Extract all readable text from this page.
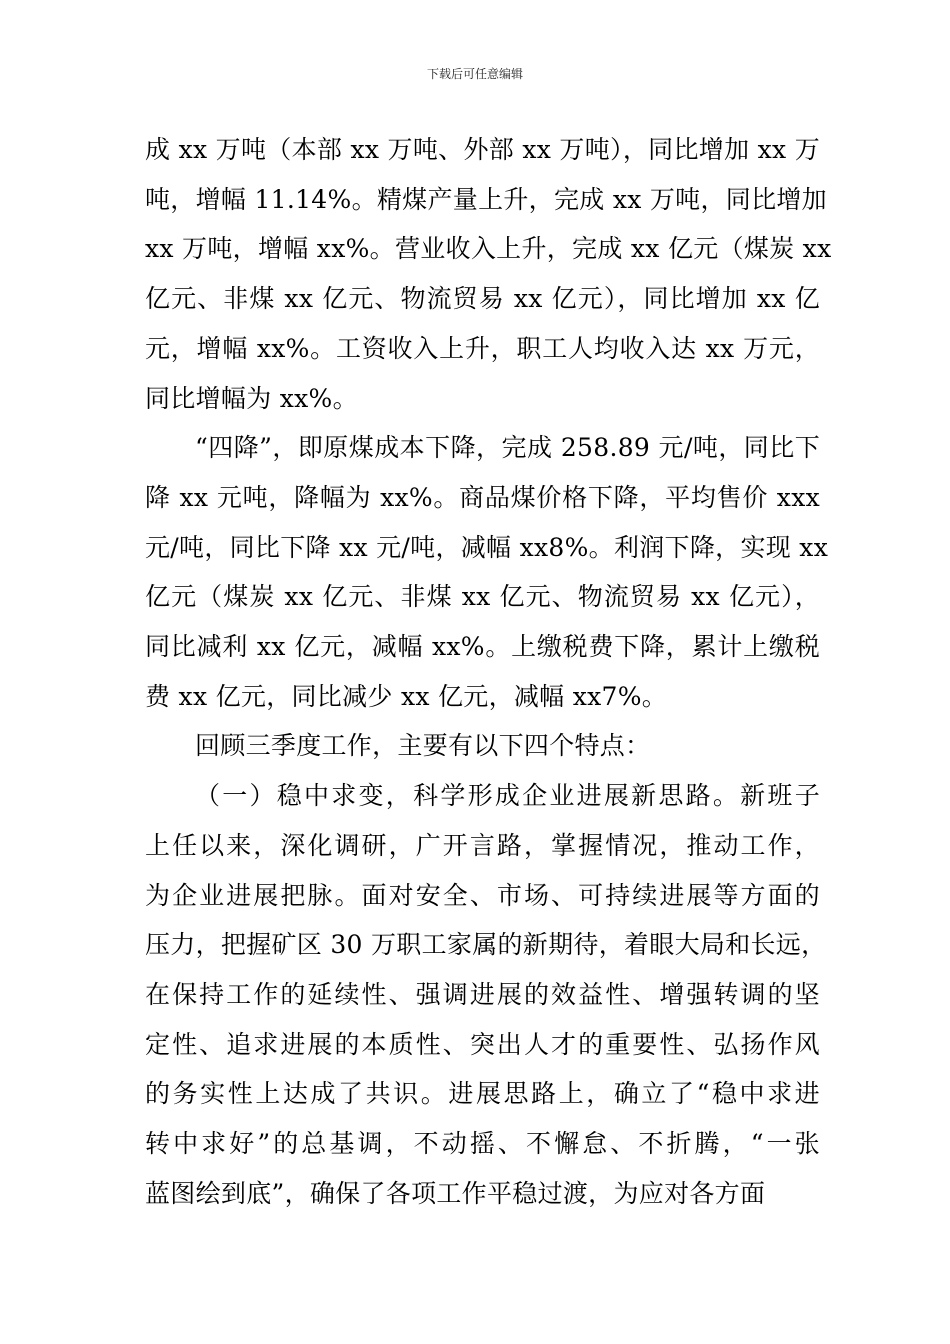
下载后可任意编辑
成 xx 万吨（本部 xx 万吨、外部 xx 万吨），同比增加 xx 万
吨，增幅 11.14%。精煤产量上升，完成 xx 万吨，同比增加
xx 万吨，增幅 xx%。营业收入上升，完成 xx 亿元（煤炭 xx
亿元、非煤 xx 亿元、物流贸易 xx 亿元），同比增加 xx 亿
元，增幅 xx%。工资收入上升，职工人均收入达 xx 万元，
同比增幅为 xx%。
“四降”，即原煤成本下降，完成 258.89 元/吨，同比下
降 xx 元吨，降幅为 xx%。商品煤价格下降，平均售价 xxx
元/吨，同比下降 xx 元/吨，减幅 xx8%。利润下降，实现 xx
亿元（煤炭 xx 亿元、非煤 xx 亿元、物流贸易 xx 亿元），
同比减利 xx 亿元，减幅 xx%。上缴税费下降，累计上缴税
费 xx 亿元，同比减少 xx 亿元，减幅 xx7%。
回顾三季度工作，主要有以下四个特点：
（一）稳中求变，科学形成企业进展新思路。新班子
上任以来，深化调研，广开言路，掌握情况，推动工作，
为企业进展把脉。面对安全、市场、可持续进展等方面的
压力，把握矿区 30 万职工家属的新期待，着眼大局和长远，
在保持工作的延续性、强调进展的效益性、增强转调的坚
定性、追求进展的本质性、突出人才的重要性、弘扬作风
的务实性上达成了共识。进展思路上，确立了“稳中求进
转中求好”的总基调，不动摇、不懈怠、不折腾，“一张
蓝图绘到底”，确保了各项工作平稳过渡，为应对各方面
